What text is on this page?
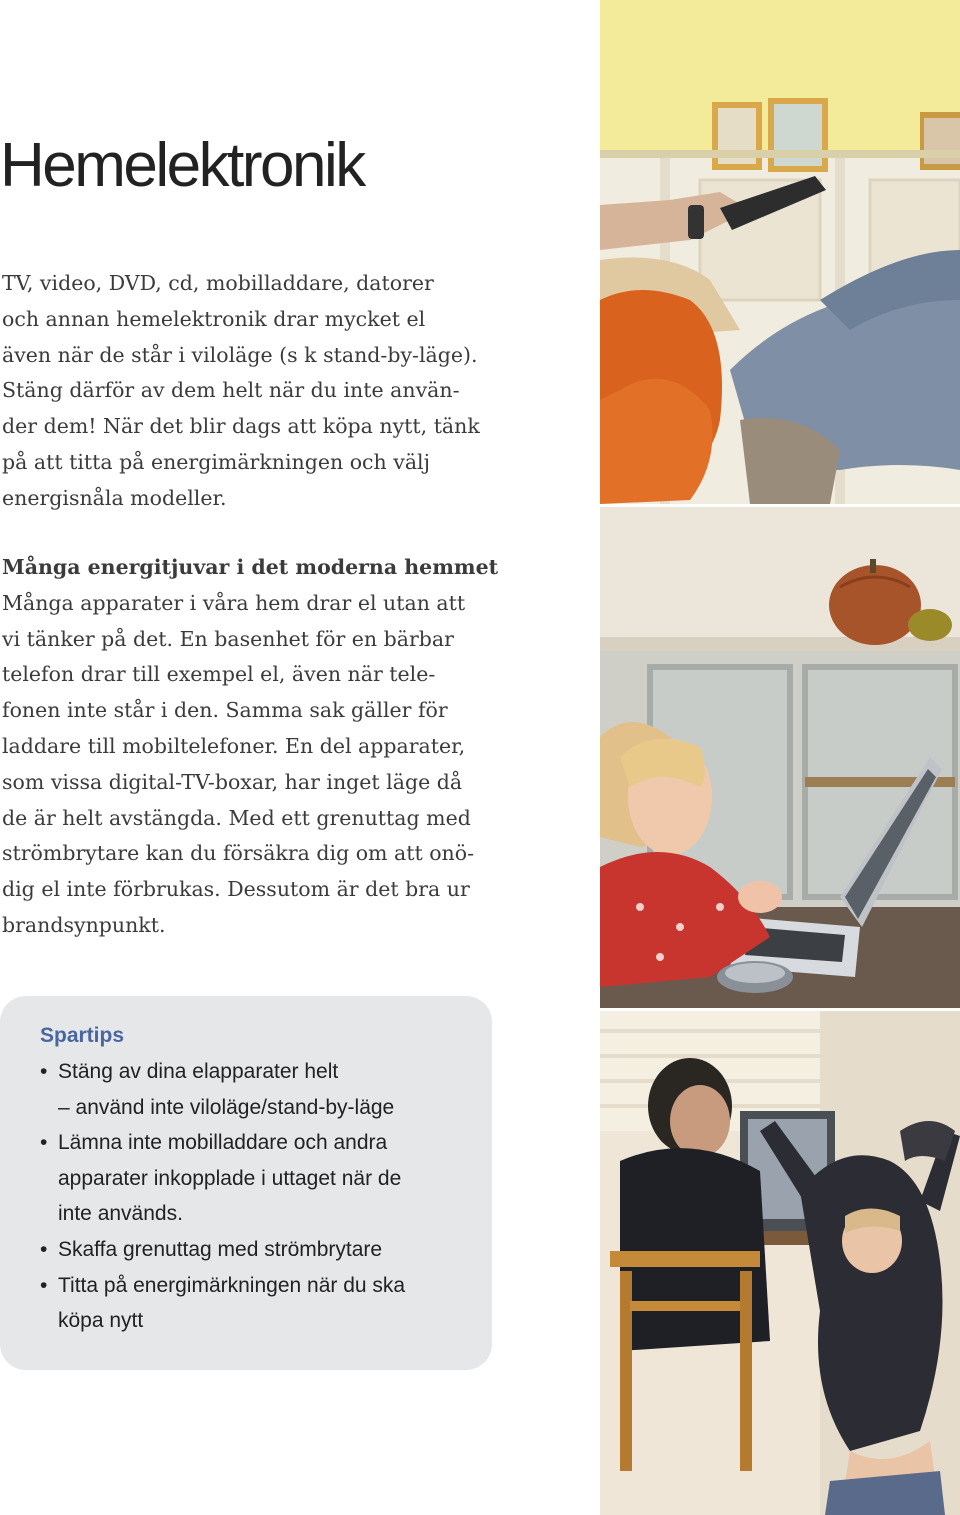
Hemelektronik

TV, video, DVD, cd, mobilladdare, datorer
och annan hemelektronik drar mycket el
även när de står i viloläge (s k stand-by-läge).
Stäng därför av dem helt när du inte använ-
der dem! När det blir dags att köpa nytt, tänk
på att titta på energimärkningen och välj
energisnåla modeller.

Många energitjuvar i det moderna hemmet
Många apparater i våra hem drar el utan att
vi tänker på det. En basenhet för en bärbar
telefon drar till exempel el, även när tele-
fonen inte står i den. Samma sak gäller för
laddare till mobiltelefoner. En del apparater,
som vissa digital-TV-boxar, har inget läge då
de är helt avstängda. Med ett grenuttag med
strömbrytare kan du försäkra dig om att onö-
dig el inte förbrukas. Dessutom är det bra ur
brandsynpunkt.

Spartips
• Stäng av dina elapparater helt
– använd inte viloläge/stand-by-läge
• Lämna inte mobilladdare och andra
apparater inkopplade i uttaget när de
inte används.
• Skaffa grenuttag med strömbrytare
• Titta på energimärkningen när du ska
köpa nytt
